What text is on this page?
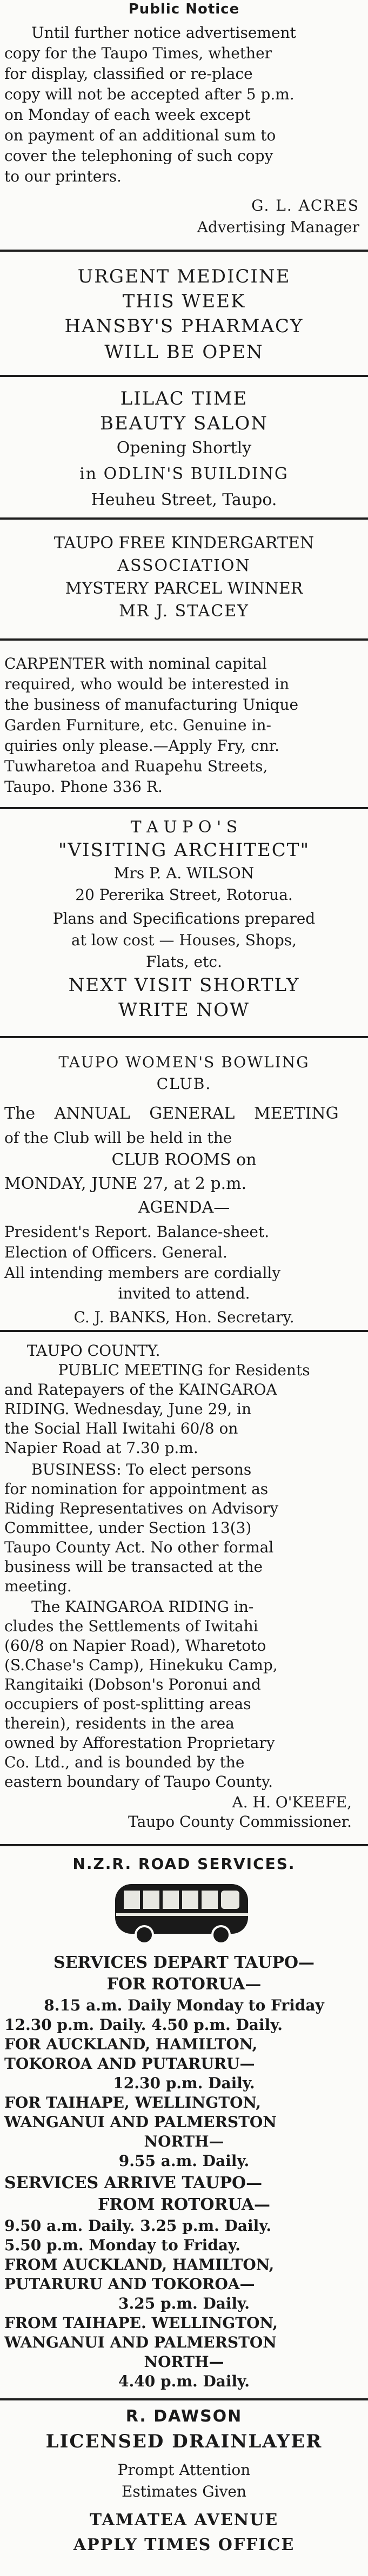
Public Notice
Until further notice advertisement
copy for the Taupo Times, whether
for display, classified or re-place
copy will not be accepted after 5 p.m.
on Monday of each week except
on payment of an additional sum to
cover the telephoning of such copy
to our printers.
G. L. ACRES
Advertising Manager
URGENT MEDICINE
THIS WEEK
HANSBY'S PHARMACY
WILL BE OPEN
LILAC TIME
BEAUTY SALON
Opening Shortly
in ODLIN'S BUILDING
Heuheu Street, Taupo.
TAUPO FREE KINDERGARTEN
ASSOCIATION
MYSTERY PARCEL WINNER
MR J. STACEY
CARPENTER with nominal capital
required, who would be interested in
the business of manufacturing Unique
Garden Furniture, etc. Genuine in-
quiries only please.—Apply Fry, cnr.
Tuwharetoa and Ruapehu Streets,
Taupo. Phone 336 R.
T A U P O ' S
"VISITING ARCHITECT"
Mrs P. A. WILSON
20 Pererika Street, Rotorua.
Plans and Specifications prepared
at low cost — Houses, Shops,
Flats, etc.
NEXT VISIT SHORTLY
WRITE NOW
TAUPO WOMEN'S BOWLING
CLUB.
The ANNUAL GENERAL MEETING
of the Club will be held in the
CLUB ROOMS on
MONDAY, JUNE 27, at 2 p.m.
AGENDA—
President's Report. Balance-sheet.
Election of Officers. General.
All intending members are cordially
invited to attend.
C. J. BANKS, Hon. Secretary.
TAUPO COUNTY.
PUBLIC MEETING for Residents
and Ratepayers of the KAINGAROA
RIDING. Wednesday, June 29, in
the Social Hall Iwitahi 60/8 on
Napier Road at 7.30 p.m.
BUSINESS: To elect persons
for nomination for appointment as
Riding Representatives on Advisory
Committee, under Section 13(3)
Taupo County Act. No other formal
business will be transacted at the
meeting.
The KAINGAROA RIDING in-
cludes the Settlements of Iwitahi
(60/8 on Napier Road), Wharetoto
(S.Chase's Camp), Hinekuku Camp,
Rangitaiki (Dobson's Poronui and
occupiers of post-splitting areas
therein), residents in the area
owned by Afforestation Proprietary
Co. Ltd., and is bounded by the
eastern boundary of Taupo County.
A. H. O'KEEFE,
Taupo County Commissioner.
N.Z.R. ROAD SERVICES.
SERVICES DEPART TAUPO—
FOR ROTORUA—
8.15 a.m. Daily Monday to Friday
12.30 p.m. Daily. 4.50 p.m. Daily.
FOR AUCKLAND, HAMILTON,
TOKOROA AND PUTARURU—
12.30 p.m. Daily.
FOR TAIHAPE, WELLINGTON,
WANGANUI AND PALMERSTON
NORTH—
9.55 a.m. Daily.
SERVICES ARRIVE TAUPO—
FROM ROTORUA—
9.50 a.m. Daily. 3.25 p.m. Daily.
5.50 p.m. Monday to Friday.
FROM AUCKLAND, HAMILTON,
PUTARURU AND TOKOROA—
3.25 p.m. Daily.
FROM TAIHAPE. WELLINGTON,
WANGANUI AND PALMERSTON
NORTH—
4.40 p.m. Daily.
R. DAWSON
LICENSED DRAINLAYER
Prompt Attention
Estimates Given
TAMATEA AVENUE
APPLY TIMES OFFICE
